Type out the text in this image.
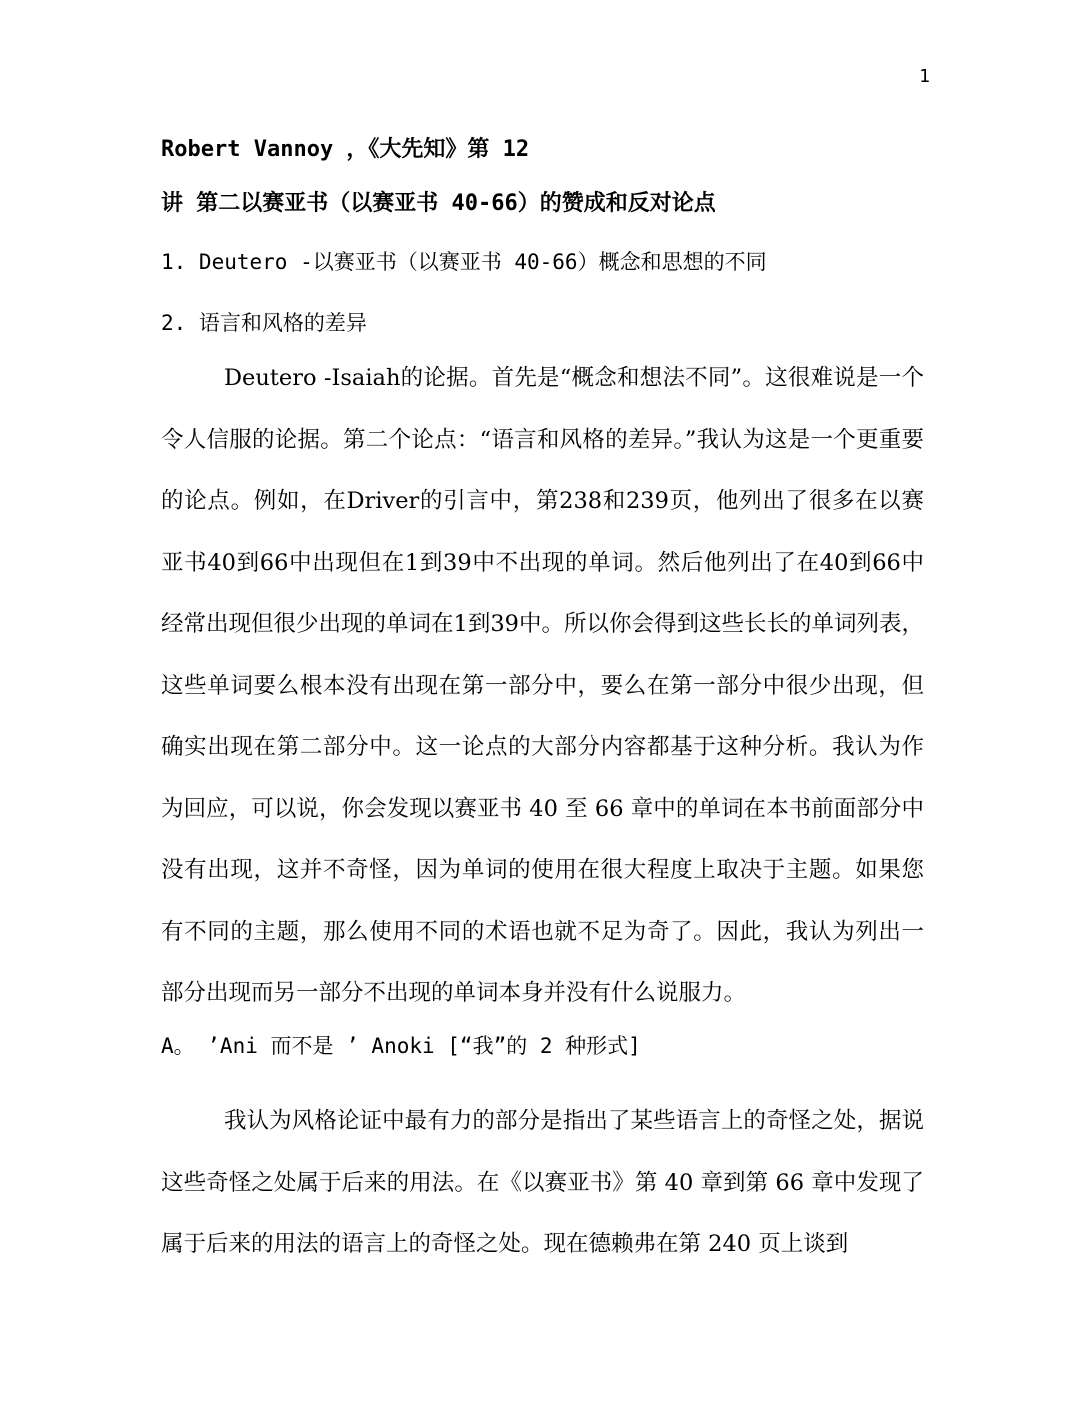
1
Robert Vannoy ，《大先知》第 12
讲 第二以赛亚书（以赛亚书 40-66）的赞成和反对论点
1. Deutero -以赛亚书（以赛亚书 40-66）概念和思想的不同
2. 语言和风格的差异

Deutero -Isaiah的论据。首先是“概念和想法不同”。这很难说是一个令人信服的论据。第二个论点：“语言和风格的差异。”我认为这是一个更重要的论点。例如，在Driver的引言中，第238和239页，他列出了很多在以赛亚书40到66中出现但在1到39中不出现的单词。然后他列出了在40到66中经常出现但很少出现的单词在1到39中。所以你会得到这些长长的单词列表，这些单词要么根本没有出现在第一部分中，要么在第一部分中很少出现，但确实出现在第二部分中。这一论点的大部分内容都基于这种分析。我认为作为回应，可以说，你会发现以赛亚书 40 至 66 章中的单词在本书前面部分中没有出现，这并不奇怪，因为单词的使用在很大程度上取决于主题。如果您有不同的主题，那么使用不同的术语也就不足为奇了。因此，我认为列出一部分出现而另一部分不出现的单词本身并没有什么说服力。

A。 ’Ani 而不是 ’ Anoki [“我”的 2 种形式]

我认为风格论证中最有力的部分是指出了某些语言上的奇怪之处，据说这些奇怪之处属于后来的用法。在《以赛亚书》第 40 章到第 66 章中发现了属于后来的用法的语言上的奇怪之处。现在德赖弗在第 240 页上谈到
